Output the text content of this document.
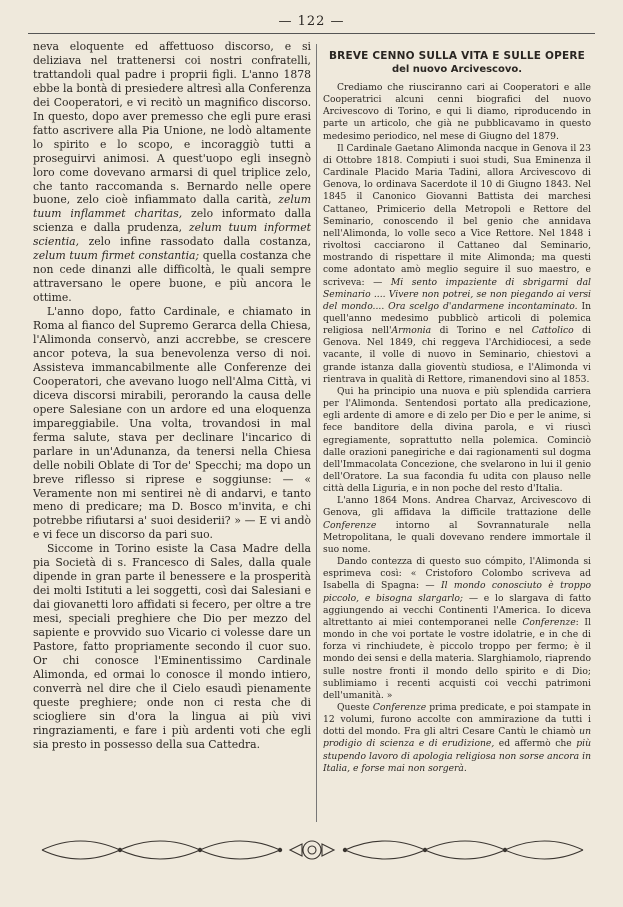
— 122 —

neva eloquente ed affettuoso discorso, e si deliziava nel trattenersi coi nostri confratelli, trattandoli qual padre i proprii figli. L'anno 1878 ebbe la bontà di presiedere altresì alla Conferenza dei Cooperatori, e vi recitò un magnifico discorso. In questo, dopo aver premesso che egli pure erasi fatto ascrivere alla Pia Unione, ne lodò altamente lo spirito e lo scopo, e incoraggiò tutti a proseguirvi animosi. A quest'uopo egli insegnò loro come dovevano armarsi di quel triplice zelo, che tanto raccomanda s. Bernardo nelle opere buone, zelo cioè infiammato dalla carità, zelum tuum inflammet charitas, zelo informato dalla scienza e dalla prudenza, zelum tuum informet scientia, zelo infine rassodato dalla costanza, zelum tuum firmet constantia; quella costanza che non cede dinanzi alle difficoltà, le quali sempre attraversano le opere buone, e più ancora le ottime.

L'anno dopo, fatto Cardinale, e chiamato in Roma al fianco del Supremo Gerarca della Chiesa, l'Alimonda conservò, anzi accrebbe, se crescere ancor poteva, la sua benevolenza verso di noi. Assisteva immancabilmente alle Conferenze dei Cooperatori, che avevano luogo nell'Alma Città, vi diceva discorsi mirabili, perorando la causa delle opere Salesiane con un ardore ed una eloquenza impareggiabile. Una volta, trovandosi in mal ferma salute, stava per declinare l'incarico di parlare in un'Adunanza, da tenersi nella Chiesa delle nobili Oblate di Tor de' Specchi; ma dopo un breve riflesso si riprese e soggiunse: — « Veramente non mi sentirei nè di andarvi, e tanto meno di predicare; ma D. Bosco m'invita, e chi potrebbe rifiutarsi a' suoi desiderii? » — E vi andò e vi fece un discorso da pari suo.

Siccome in Torino esiste la Casa Madre della pia Società di s. Francesco di Sales, dalla quale dipende in gran parte il benessere e la prosperità dei molti Istituti a lei soggetti, così dai Salesiani e dai giovanetti loro affidati si fecero, per oltre a tre mesi, speciali preghiere che Dio per mezzo del sapiente e provvido suo Vicario ci volesse dare un Pastore, fatto propriamente secondo il cuor suo. Or chi conosce l'Eminentissimo Cardinale Alimonda, ed ormai lo conosce il mondo intiero, converrà nel dire che il Cielo esaudì pienamente queste preghiere; onde non ci resta che di sciogliere sin d'ora la lingua ai più vivi ringraziamenti, e fare i più ardenti voti che egli sia presto in possesso della sua Cattedra.

BREVE CENNO SULLA VITA E SULLE OPERE
del nuovo Arcivescovo.

Crediamo che riusciranno cari ai Cooperatori e alle Cooperatrici alcuni cenni biografici del nuovo Arcivescovo di Torino, e qui li diamo, riproducendo in parte un articolo, che già ne pubblicavamo in questo medesimo periodico, nel mese di Giugno del 1879.

Il Cardinale Gaetano Alimonda nacque in Genova il 23 di Ottobre 1818. Compiuti i suoi studi, Sua Eminenza il Cardinale Placido Maria Tadini, allora Arcivescovo di Genova, lo ordinava Sacerdote il 10 di Giugno 1843. Nel 1845 il Canonico Giovanni Battista dei marchesi Cattaneo, Primicerio della Metropoli e Rettore del Seminario, conoscendo il bel genio che annidava nell'Alimonda, lo volle seco a Vice Rettore. Nel 1848 i rivoltosi cacciarono il Cattaneo dal Seminario, mostrando di rispettare il mite Alimonda; ma questi come adontato amò meglio seguire il suo maestro, e scriveva: — Mi sento impaziente di sbrigarmi dal Seminario .... Vivere non potrei, se non piegando ai versi del mondo.... Ora scelgo d'andarmene incontaminato. In quell'anno medesimo pubblicò articoli di polemica religiosa nell'Armonia di Torino e nel Cattolico di Genova. Nel 1849, chi reggeva l'Archidiocesi, a sede vacante, il volle di nuovo in Seminario, chiestovi a grande istanza dalla gioventù studiosa, e l'Alimonda vi rientrava in qualità di Rettore, rimanendovi sino al 1853.

Qui ha principio una nuova e più splendida carriera per l'Alimonda. Sentendosi portato alla predicazione, egli ardente di amore e di zelo per Dio e per le anime, si fece banditore della divina parola, e vi riuscì egregiamente, soprattutto nella polemica. Cominciò dalle orazioni panegiriche e dai ragionamenti sul dogma dell'Immacolata Concezione, che svelarono in lui il genio dell'Oratore. La sua facondia fu udita con plauso nelle città della Liguria, e in non poche del resto d'Italia.

L'anno 1864 Mons. Andrea Charvaz, Arcivescovo di Genova, gli affidava la difficile trattazione delle Conferenze intorno al Sovrannaturale nella Metropolitana, le quali dovevano rendere immortale il suo nome.

Dando contezza di questo suo cómpito, l'Alimonda si esprimeva così: « Cristoforo Colombo scriveva ad Isabella di Spagna: — Il mondo conosciuto è troppo piccolo, e bisogna slargarlo; — e lo slargava di fatto aggiungendo ai vecchi Continenti l'America. Io diceva altrettanto ai miei contemporanei nelle Conferenze: Il mondo in che voi portate le vostre idolatrie, e in che di forza vi rinchiudete, è piccolo troppo per fermo; è il mondo dei sensi e della materia. Slarghiamolo, riaprendo sulle nostre fronti il mondo dello spirito e di Dio; sublimiamo i recenti acquisti coi vecchi patrimoni dell'umanità. »

Queste Conferenze prima predicate, e poi stampate in 12 volumi, furono accolte con ammirazione da tutti i dotti del mondo. Fra gli altri Cesare Cantù le chiamò un prodigio di scienza e di erudizione, ed affermò che più stupendo lavoro di apologia religiosa non sorse ancora in Italia, e forse mai non sorgerà.
